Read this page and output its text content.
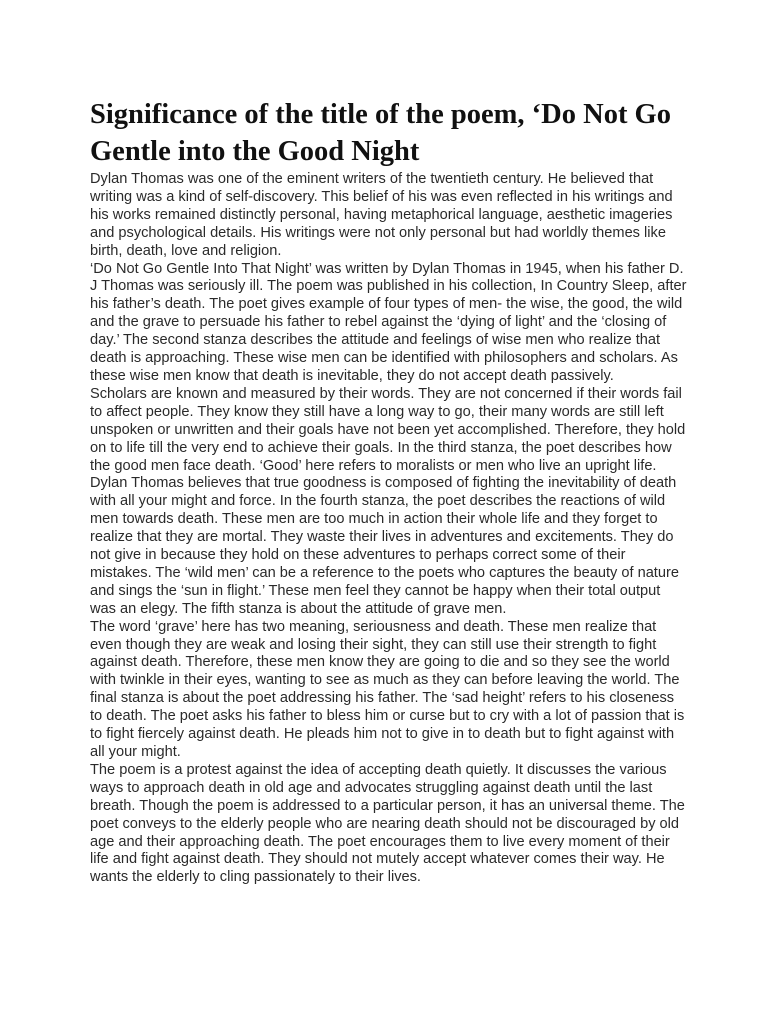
Significance of the title of the poem, ‘Do Not Go Gentle into the Good Night

Dylan Thomas was one of the eminent writers of the twentieth century. He believed that writing was a kind of self-discovery. This belief of his was even reflected in his writings and his works remained distinctly personal, having metaphorical language, aesthetic imageries and psychological details. His writings were not only personal but had worldly themes like birth, death, love and religion.

‘Do Not Go Gentle Into That Night’ was written by Dylan Thomas in 1945, when his father D. J Thomas was seriously ill. The poem was published in his collection, In Country Sleep, after his father’s death. The poet gives example of four types of men- the wise, the good, the wild and the grave to persuade his father to rebel against the ‘dying of light’ and the ‘closing of day.’ The second stanza describes the attitude and feelings of wise men who realize that death is approaching. These wise men can be identified with philosophers and scholars. As these wise men know that death is inevitable, they do not accept death passively.

Scholars are known and measured by their words. They are not concerned if their words fail to affect people. They know they still have a long way to go, their many words are still left unspoken or unwritten and their goals have not been yet accomplished. Therefore, they hold on to life till the very end to achieve their goals. In the third stanza, the poet describes how the good men face death. ‘Good’ here refers to moralists or men who live an upright life. Dylan Thomas believes that true goodness is composed of fighting the inevitability of death with all your might and force. In the fourth stanza, the poet describes the reactions of wild men towards death. These men are too much in action their whole life and they forget to realize that they are mortal. They waste their lives in adventures and excitements. They do not give in because they hold on these adventures to perhaps correct some of their mistakes. The ‘wild men’ can be a reference to the poets who captures the beauty of nature and sings the ‘sun in flight.’ These men feel they cannot be happy when their total output was an elegy. The fifth stanza is about the attitude of grave men.

The word ‘grave’ here has two meaning, seriousness and death. These men realize that even though they are weak and losing their sight, they can still use their strength to fight against death. Therefore, these men know they are going to die and so they see the world with twinkle in their eyes, wanting to see as much as they can before leaving the world. The final stanza is about the poet addressing his father. The ‘sad height’ refers to his closeness to death. The poet asks his father to bless him or curse but to cry with a lot of passion that is to fight fiercely against death. He pleads him not to give in to death but to fight against with all your might.

The poem is a protest against the idea of accepting death quietly. It discusses the various ways to approach death in old age and advocates struggling against death until the last breath. Though the poem is addressed to a particular person, it has an universal theme. The poet conveys to the elderly people who are nearing death should not be discouraged by old age and their approaching death. The poet encourages them to live every moment of their life and fight against death. They should not mutely accept whatever comes their way. He wants the elderly to cling passionately to their lives.
